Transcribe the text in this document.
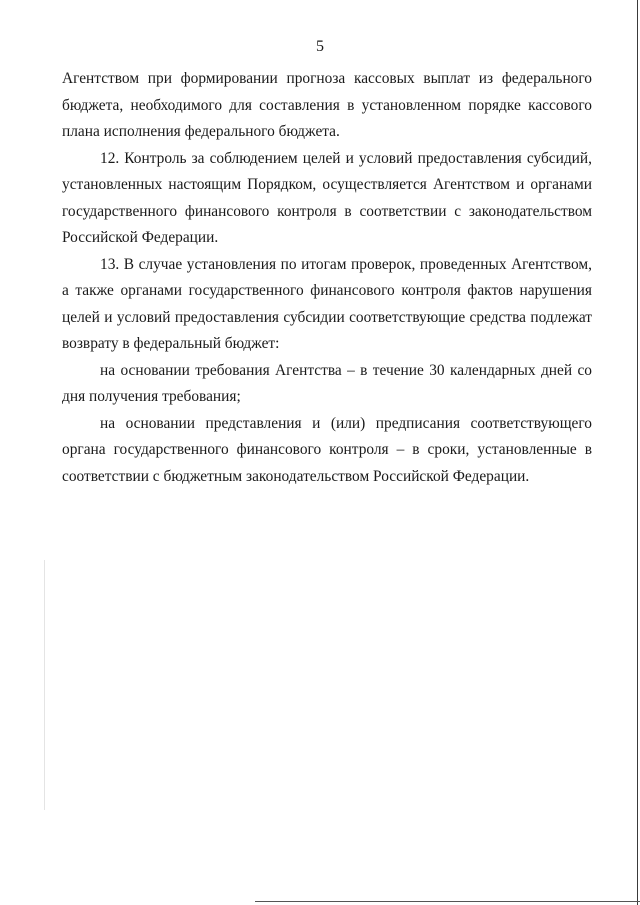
5

Агентством при формировании прогноза кассовых выплат из федерального бюджета, необходимого для составления в установленном порядке кассового плана исполнения федерального бюджета.

12. Контроль за соблюдением целей и условий предоставления субсидий, установленных настоящим Порядком, осуществляется Агентством и органами государственного финансового контроля в соответствии с законодательством Российской Федерации.

13. В случае установления по итогам проверок, проведенных Агентством, а также органами государственного финансового контроля фактов нарушения целей и условий предоставления субсидии соответствующие средства подлежат возврату в федеральный бюджет:

на основании требования Агентства – в течение 30 календарных дней со дня получения требования;

на основании представления и (или) предписания соответствующего органа государственного финансового контроля – в сроки, установленные в соответствии с бюджетным законодательством Российской Федерации.
